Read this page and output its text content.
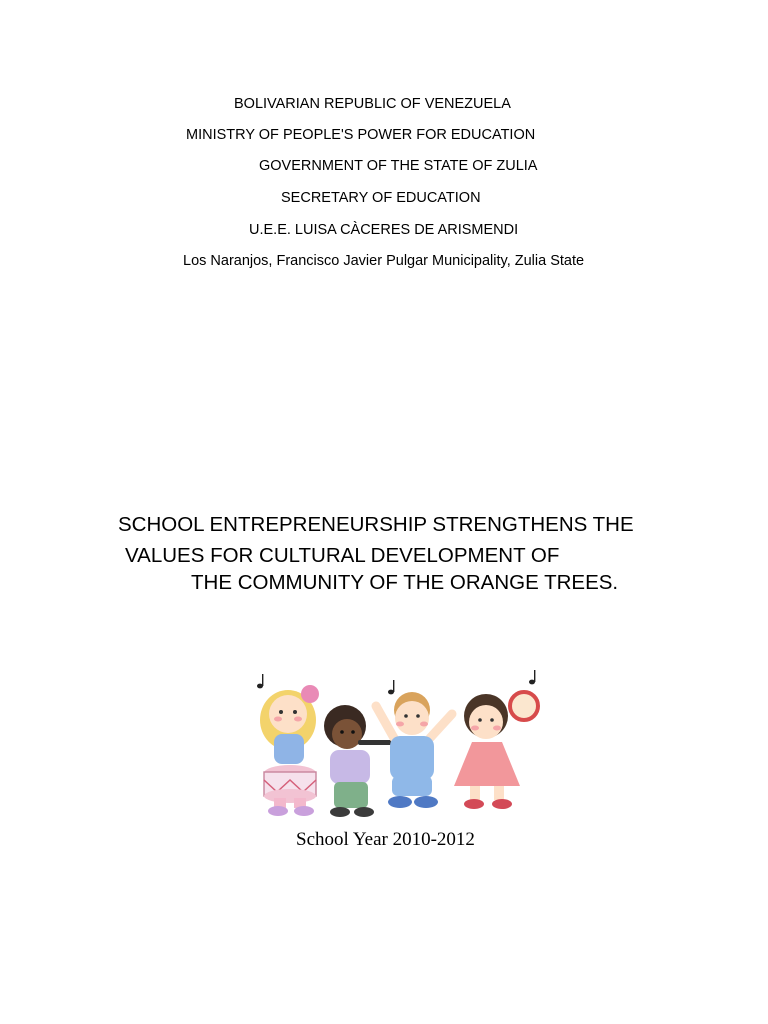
BOLIVARIAN REPUBLIC OF VENEZUELA
MINISTRY OF PEOPLE'S POWER FOR EDUCATION
GOVERNMENT OF THE STATE OF ZULIA
SECRETARY OF EDUCATION
U.E.E. LUISA CÀCERES DE ARISMENDI
Los Naranjos, Francisco Javier Pulgar Municipality, Zulia State
SCHOOL ENTREPRENEURSHIP STRENGTHENS THE
VALUES FOR CULTURAL DEVELOPMENT OF
THE COMMUNITY OF THE ORANGE TREES.
School Year 2010-2012
